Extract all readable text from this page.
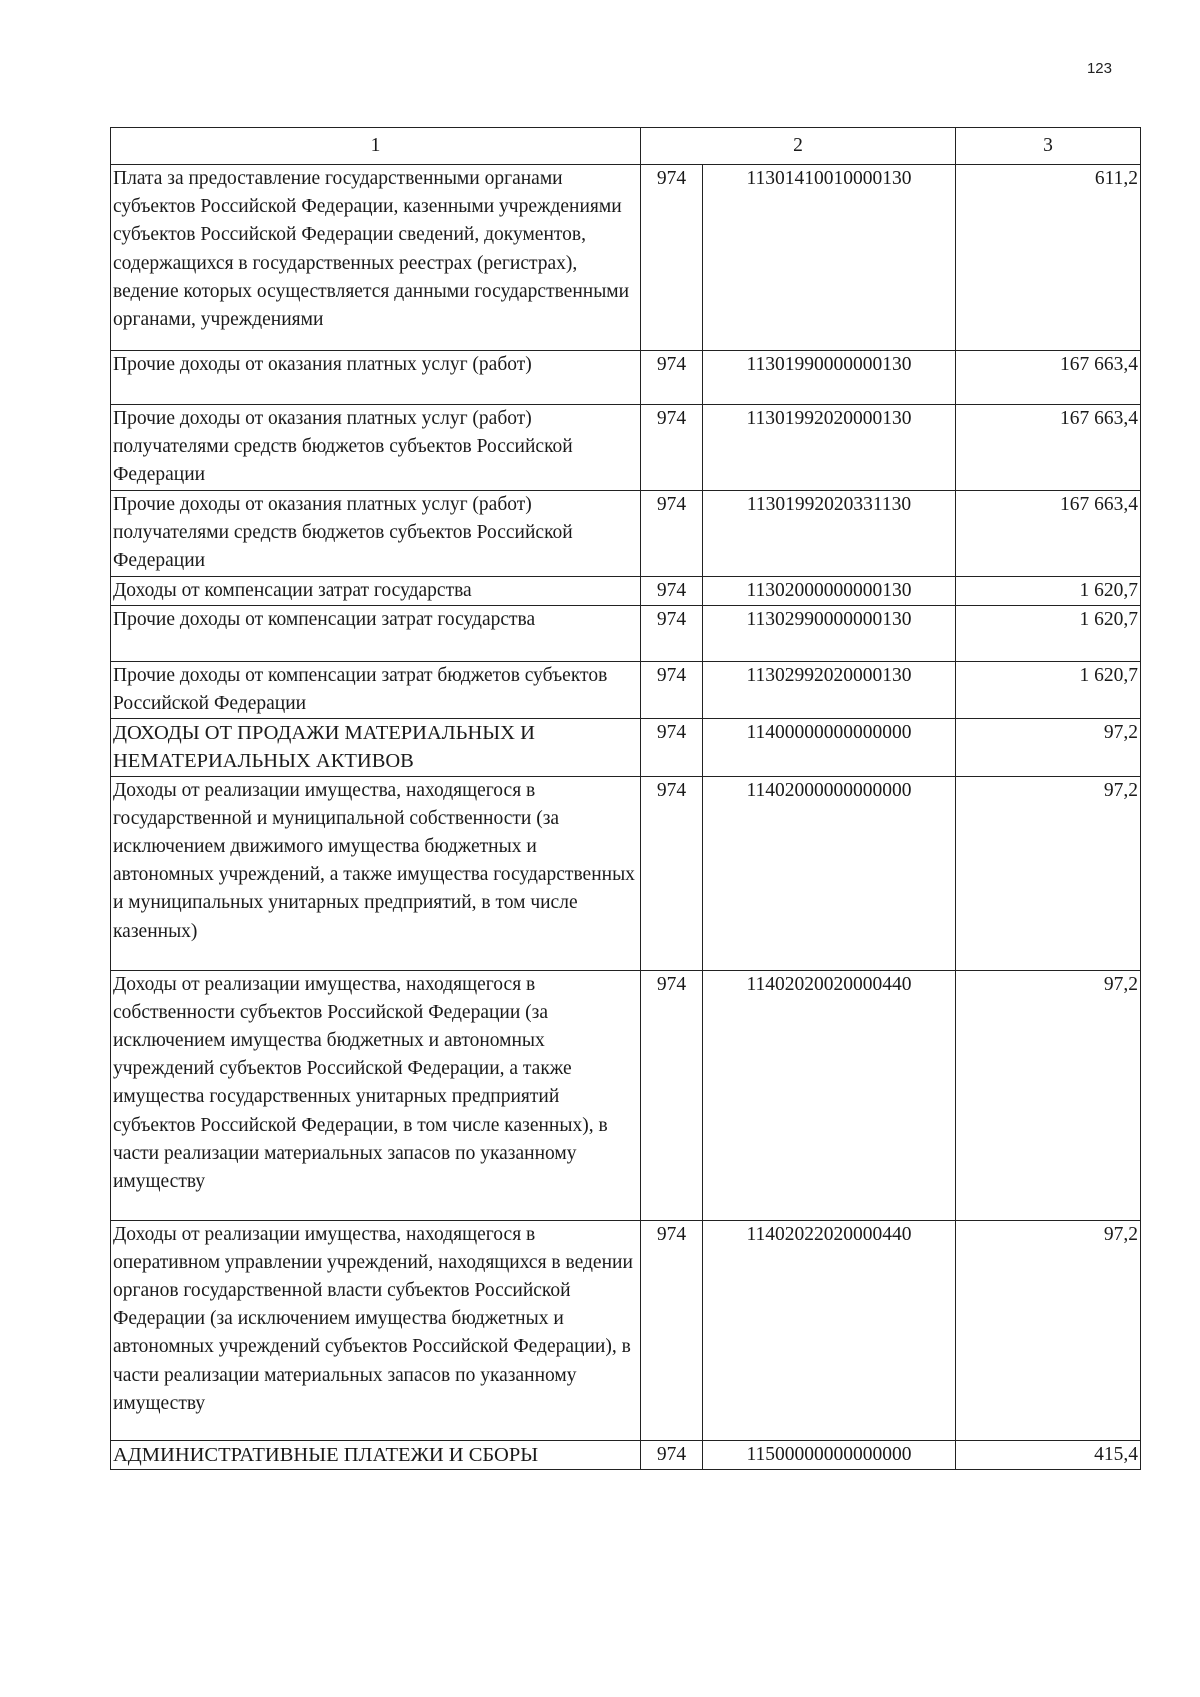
123
1	2		3
Плата за предоставление государственными органами субъектов Российской Федерации, казенными учреждениями субъектов Российской Федерации сведений, документов, содержащихся в государственных реестрах (регистрах), ведение которых осуществляется данными государственными органами, учреждениями	974	11301410010000130	611,2
Прочие доходы от оказания платных услуг (работ)	974	11301990000000130	167 663,4
Прочие доходы от оказания платных услуг (работ) получателями средств бюджетов субъектов Российской Федерации	974	11301992020000130	167 663,4
Прочие доходы от оказания платных услуг (работ) получателями средств бюджетов субъектов Российской Федерации	974	11301992020331130	167 663,4
Доходы от компенсации затрат государства	974	11302000000000130	1 620,7
Прочие доходы от компенсации затрат государства	974	11302990000000130	1 620,7
Прочие доходы от компенсации затрат бюджетов субъектов Российской Федерации	974	11302992020000130	1 620,7
ДОХОДЫ ОТ ПРОДАЖИ МАТЕРИАЛЬНЫХ И НЕМАТЕРИАЛЬНЫХ АКТИВОВ	974	11400000000000000	97,2
Доходы от реализации имущества, находящегося в государственной и муниципальной собственности (за исключением движимого имущества бюджетных и автономных учреждений, а также имущества государственных и муниципальных унитарных предприятий, в том числе казенных)	974	11402000000000000	97,2
Доходы от реализации имущества, находящегося в собственности субъектов Российской Федерации (за исключением имущества бюджетных и автономных учреждений субъектов Российской Федерации, а также имущества государственных унитарных предприятий субъектов Российской Федерации, в том числе казенных), в части реализации материальных запасов по указанному имуществу	974	11402020020000440	97,2
Доходы от реализации имущества, находящегося в оперативном управлении учреждений, находящихся в ведении органов государственной власти субъектов Российской Федерации (за исключением имущества бюджетных и автономных учреждений субъектов Российской Федерации), в части реализации материальных запасов по указанному имуществу	974	11402022020000440	97,2
АДМИНИСТРАТИВНЫЕ ПЛАТЕЖИ И СБОРЫ	974	11500000000000000	415,4
